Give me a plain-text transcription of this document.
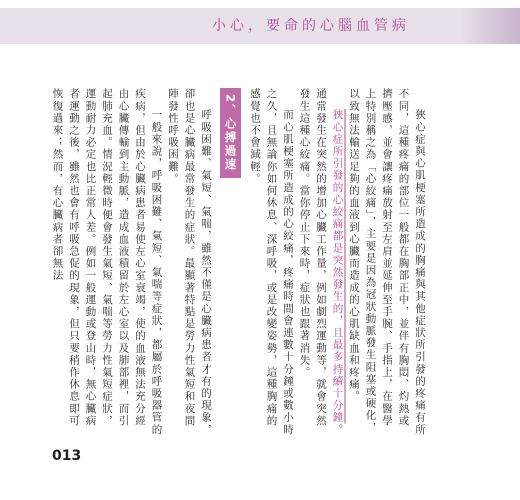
小心，要命的心腦血管病

狹心症與心肌梗塞所造成的胸痛與其他症狀所引發的疼痛有所不同，這種疼痛的部位一般都在胸部正中，並伴有胸悶、灼熱或擠壓感，並會讓疼痛放射至左肩並延伸至手腕、手指上，在醫學上特別稱之為「心絞痛」，主要是因為冠狀動脈發生阻塞或硬化，以致無法輸送足夠的血液到心臟而造成的心肌缺血和疼痛。

狹心症所引發的心絞痛都是突然發生的，且最多持續十分鐘。通常發生在突然的增加心臟工作量，例如劇烈運動等，就會突然發生這種心絞痛。當你停止下來時，症狀也跟著消失。

而心肌梗塞所造成的心絞痛，疼痛時間會連數十分鐘或數小時之久，且無論你如何休息、深呼吸，或是改變姿勢，這種胸痛的感覺也不會減輕。

2、心搏過速

呼吸困難、氣短、氣喘，雖然不僅是心臟病患者才有的現象，卻也是心臟病最常發生的症狀。最顯著特點是勞力性氣短和夜間陣發性呼吸困難。

一般來說，呼吸困難、氣短、氣喘等症狀，都屬於呼吸器管的疾病，但由於心臟病患者易使左心室衰竭，使的血液無法充分經由心臟傳輸到主動脈，造成血液積留於左心室以及肺部裡，而引起肺充血。情況輕微時便會發生氣短、氣喘等勞力性氣短症狀，運動耐力必定也比正常人差。例如一般運動或登山時，無心臟病者運動之後，雖然也會有呼吸急促的現象，但只要稍作休息即可恢復過來；然而，有心臟病者卻無法

013
